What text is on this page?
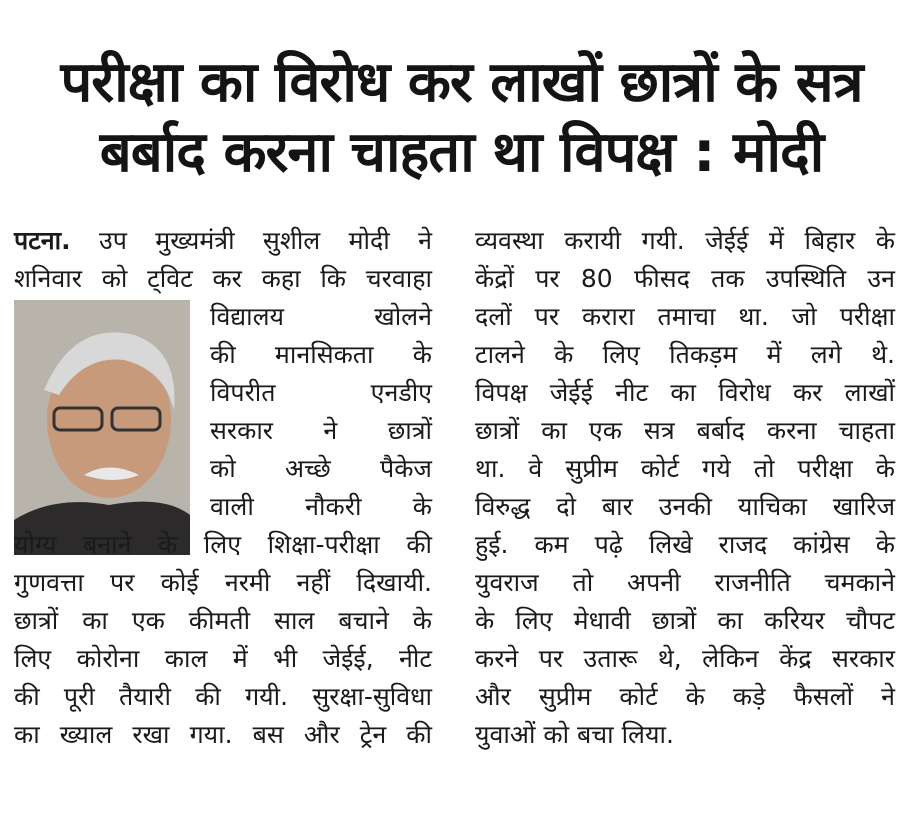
परीक्षा का विरोध कर लाखों छात्रों के सत्र
बर्बाद करना चाहता था विपक्ष : मोदी
पटना. उप मुख्यमंत्री सुशील मोदी ने
शनिवार को ट्विट कर कहा कि चरवाहा
विद्यालय खोलने
की मानसिकता के
विपरीत एनडीए
सरकार ने छात्रों
को अच्छे पैकेज
वाली नौकरी के
योग्य बनाने के लिए शिक्षा-परीक्षा की
गुणवत्ता पर कोई नरमी नहीं दिखायी.
छात्रों का एक कीमती साल बचाने के
लिए कोरोना काल में भी जेईई, नीट
की पूरी तैयारी की गयी. सुरक्षा-सुविधा
का ख्याल रखा गया. बस और ट्रेन की
व्यवस्था करायी गयी. जेईई में बिहार के
केंद्रों पर 80 फीसद तक उपस्थिति उन
दलों पर करारा तमाचा था. जो परीक्षा
टालने के लिए तिकड़म में लगे थे.
विपक्ष जेईई नीट का विरोध कर लाखों
छात्रों का एक सत्र बर्बाद करना चाहता
था. वे सुप्रीम कोर्ट गये तो परीक्षा के
विरुद्ध दो बार उनकी याचिका खारिज
हुई. कम पढ़े लिखे राजद कांग्रेस के
युवराज तो अपनी राजनीति चमकाने
के लिए मेधावी छात्रों का करियर चौपट
करने पर उतारू थे, लेकिन केंद्र सरकार
और सुप्रीम कोर्ट के कड़े फैसलों ने
युवाओं को बचा लिया.
